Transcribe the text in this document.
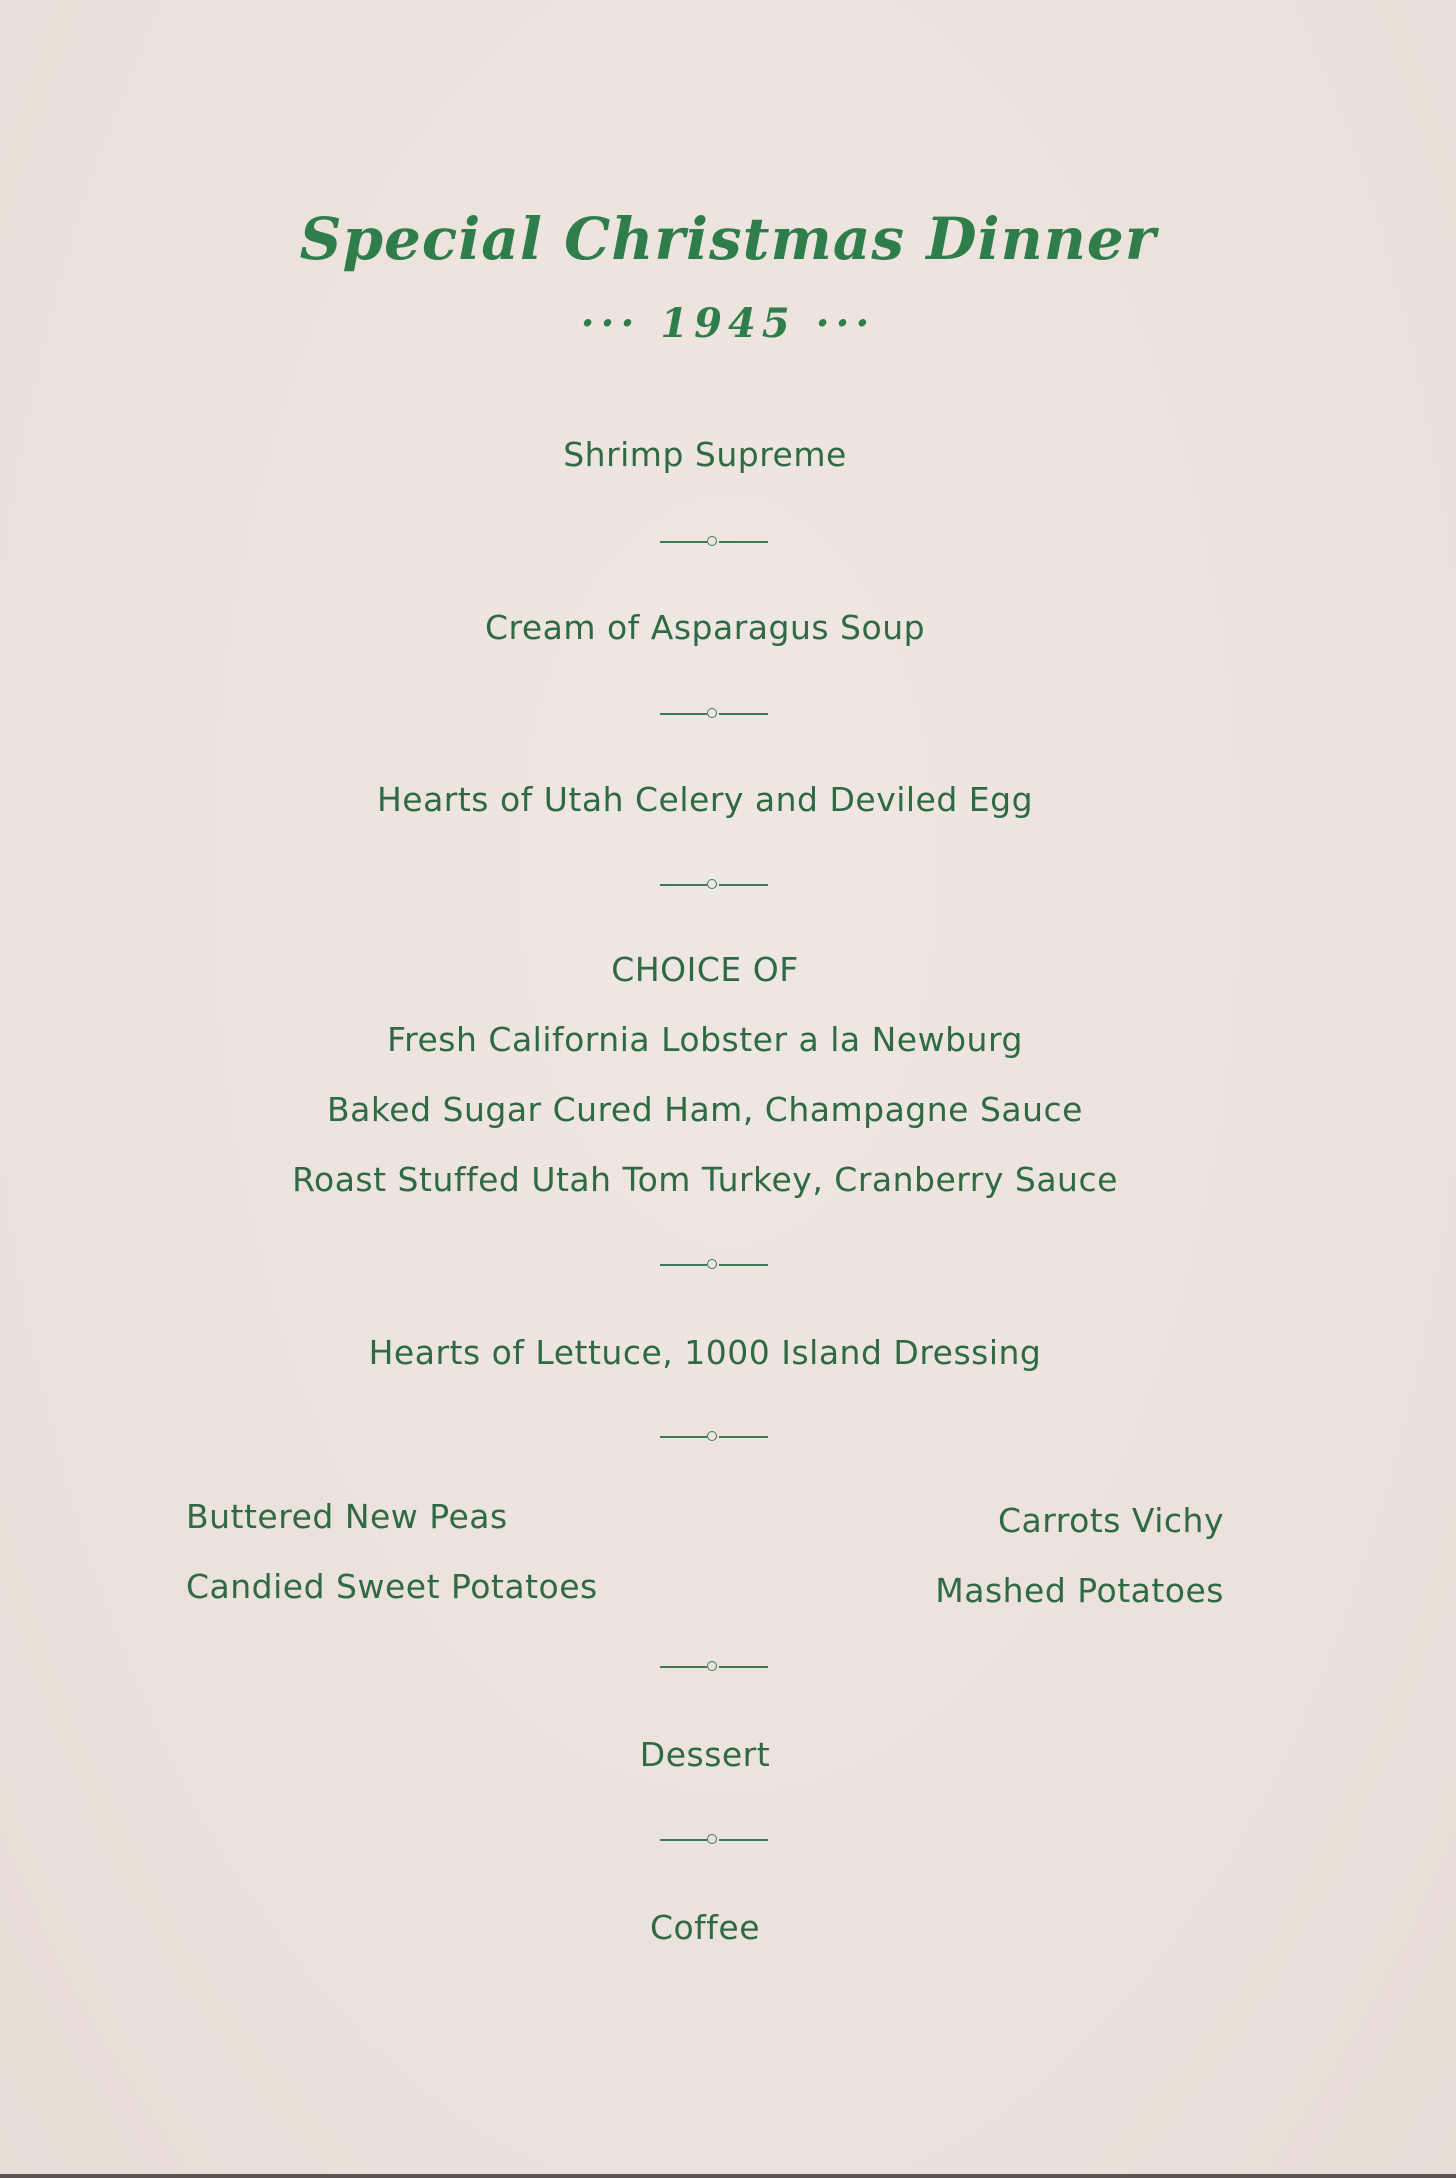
Special Christmas Dinner
··· 1945 ···
Shrimp Supreme
Cream of Asparagus Soup
Hearts of Utah Celery and Deviled Egg
CHOICE OF
Fresh California Lobster a la Newburg
Baked Sugar Cured Ham, Champagne Sauce
Roast Stuffed Utah Tom Turkey, Cranberry Sauce
Hearts of Lettuce, 1000 Island Dressing
Buttered New Peas
Candied Sweet Potatoes
Carrots Vichy
Mashed Potatoes
Dessert
Coffee
